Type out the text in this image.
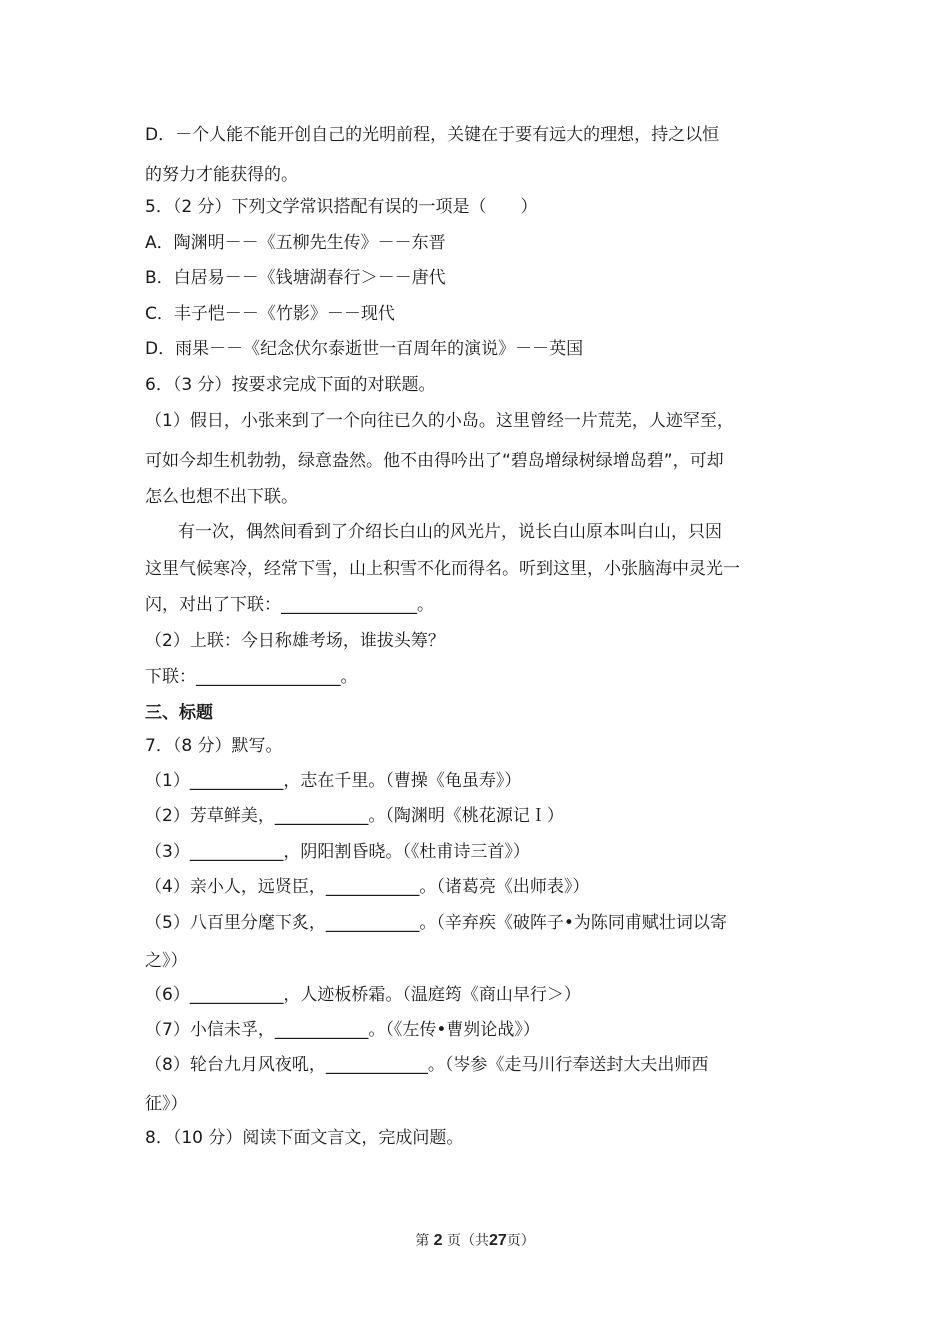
D．－个人能不能开创自己的光明前程，关键在于要有远大的理想，持之以恒
的努力才能获得的。
5．（2 分）下列文学常识搭配有误的一项是（　　）
A．陶渊明－－《五柳先生传》－－东晋
B．白居易－－《钱塘湖春行＞－－唐代
C．丰子恺－－《竹影》－－现代
D．雨果－－《纪念伏尔泰逝世一百周年的演说》－－英国
6．（3 分）按要求完成下面的对联题。
（1）假日，小张来到了一个向往已久的小岛。这里曾经一片荒芜，人迹罕至，
可如今却生机勃勃，绿意盎然。他不由得吟出了“碧岛增绿树绿增岛碧”，可却
怎么也想不出下联。
有一次，偶然间看到了介绍长白山的风光片，说长白山原本叫白山，只因
这里气候寒冷，经常下雪，山上积雪不化而得名。听到这里，小张脑海中灵光一
闪，对出了下联：________________。
（2）上联：今日称雄考场，谁拔头筹？
下联：_________________。
三、标题
7．（8 分）默写。
（1）___________，志在千里。（曹操《龟虽寿》）
（2）芳草鲜美，___________。（陶渊明《桃花源记Ｉ）
（3）___________，阴阳割昏晓。（《杜甫诗三首》）
（4）亲小人，远贤臣，___________。（诸葛亮《出师表》）
（5）八百里分麾下炙，___________。（辛弃疾《破阵子•为陈同甫赋壮词以寄
之》）
（6）___________，人迹板桥霜。（温庭筠《商山早行＞）
（7）小信未孚，___________。（《左传•曹刿论战》）
（8）轮台九月风夜吼，____________。（岑参《走马川行奉送封大夫出师西
征》）
8．（10 分）阅读下面文言文，完成问题。
第 2 页（共27页）
